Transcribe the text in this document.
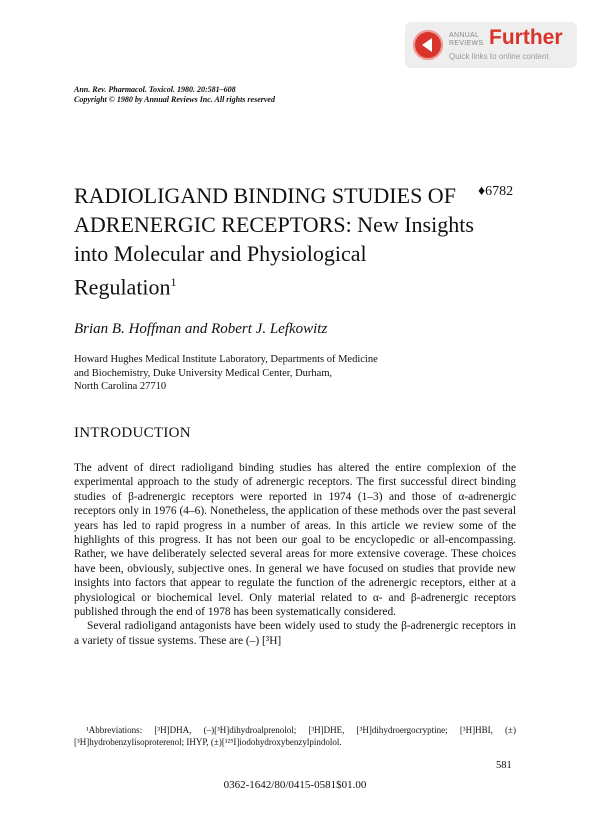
ANNUAL
REVIEWS Further
Quick links to online content
Ann. Rev. Pharmacol. Toxicol. 1980. 20:581–608
Copyright © 1980 by Annual Reviews Inc. All rights reserved
RADIOLIGAND BINDING STUDIES OF ADRENERGIC RECEPTORS: New Insights into Molecular and Physiological Regulation$^1$
♦6782
Brian B. Hoffman and Robert J. Lefkowitz
Howard Hughes Medical Institute Laboratory, Departments of Medicine
and Biochemistry, Duke University Medical Center, Durham,
North Carolina 27710
INTRODUCTION

The advent of direct radioligand binding studies has altered the entire complexion of the experimental approach to the study of adrenergic receptors. The first successful direct binding studies of β-adrenergic receptors were reported in 1974 (1–3) and those of α-adrenergic receptors only in 1976 (4–6). Nonetheless, the application of these methods over the past several years has led to rapid progress in a number of areas. In this article we review some of the highlights of this progress. It has not been our goal to be encyclopedic or all-encompassing. Rather, we have deliberately selected several areas for more extensive coverage. These choices have been, obviously, subjective ones. In general we have focused on studies that provide new insights into factors that appear to regulate the function of the adrenergic receptors, either at a physiological or biochemical level. Only material related to α- and β-adrenergic receptors published through the end of 1978 has been systematically considered.

Several radioligand antagonists have been widely used to study the β-adrenergic receptors in a variety of tissue systems. These are (–) [³H]

¹Abbreviations: [³H]DHA, (–)[³H]dihydroalprenolol; [³H]DHE, [³H]dihydroergocryptine; [³H]HBI, (±)[³H]hydrobenzylisoproterenol; IHYP, (±)[¹²⁵I]iodohydroxybenzylpindolol.
581
0362-1642/80/0415-0581$01.00
